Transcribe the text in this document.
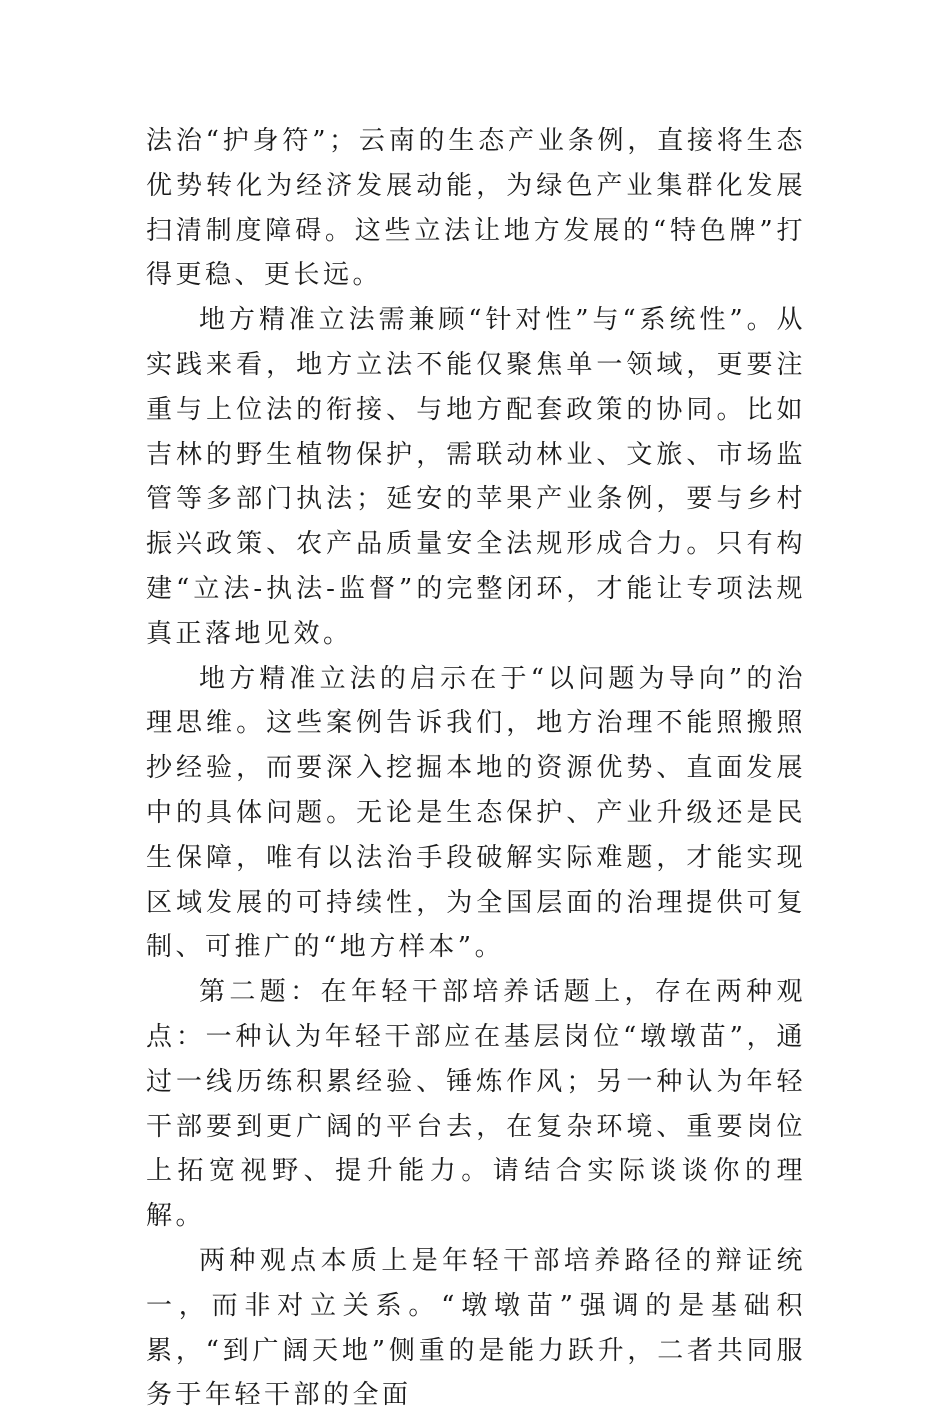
法治“护身符”；云南的生态产业条例，直接将生态优势转化为经济发展动能，为绿色产业集群化发展扫清制度障碍。这些立法让地方发展的“特色牌”打得更稳、更长远。

地方精准立法需兼顾“针对性”与“系统性”。从实践来看，地方立法不能仅聚焦单一领域，更要注重与上位法的衔接、与地方配套政策的协同。比如吉林的野生植物保护，需联动林业、文旅、市场监管等多部门执法；延安的苹果产业条例，要与乡村振兴政策、农产品质量安全法规形成合力。只有构建“立法-执法-监督”的完整闭环，才能让专项法规真正落地见效。

地方精准立法的启示在于“以问题为导向”的治理思维。这些案例告诉我们，地方治理不能照搬照抄经验，而要深入挖掘本地的资源优势、直面发展中的具体问题。无论是生态保护、产业升级还是民生保障，唯有以法治手段破解实际难题，才能实现区域发展的可持续性，为全国层面的治理提供可复制、可推广的“地方样本”。

第二题：在年轻干部培养话题上，存在两种观点：一种认为年轻干部应在基层岗位“墩墩苗”，通过一线历练积累经验、锤炼作风；另一种认为年轻干部要到更广阔的平台去，在复杂环境、重要岗位上拓宽视野、提升能力。请结合实际谈谈你的理解。

两种观点本质上是年轻干部培养路径的辩证统一，而非对立关系。“墩墩苗”强调的是基础积累，“到广阔天地”侧重的是能力跃升，二者共同服务于年轻干部的全面
